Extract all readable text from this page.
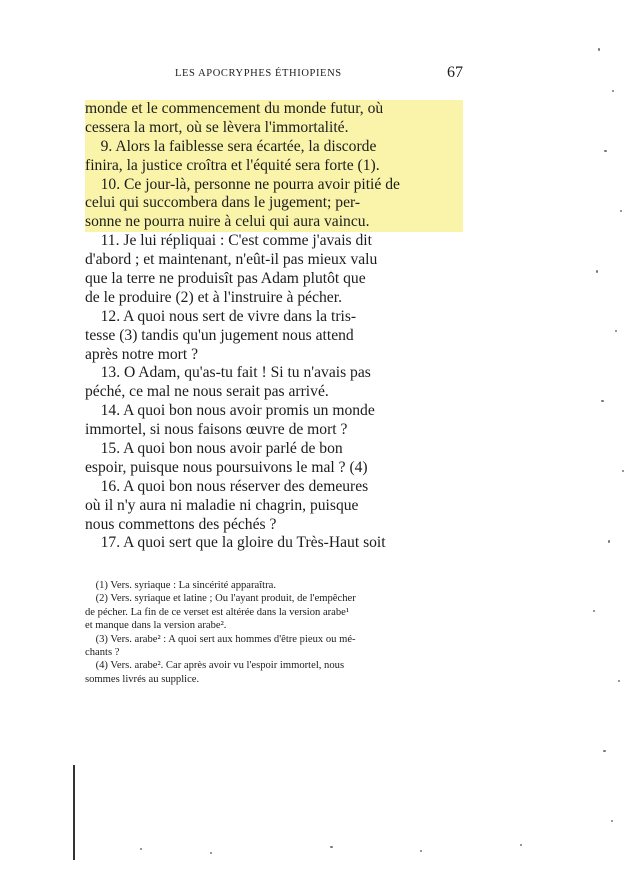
LES APOCRYPHES ÉTHIOPIENS	67
monde et le commencement du monde futur, où
cessera la mort, où se lèvera l'immortalité.
9. Alors la faiblesse sera écartée, la discorde
finira, la justice croîtra et l'équité sera forte (1).
10. Ce jour-là, personne ne pourra avoir pitié de
celui qui succombera dans le jugement; per-
sonne ne pourra nuire à celui qui aura vaincu.
11. Je lui répliquai : C'est comme j'avais dit
d'abord ; et maintenant, n'eût-il pas mieux valu
que la terre ne produisît pas Adam plutôt que
de le produire (2) et à l'instruire à pécher.
12. A quoi nous sert de vivre dans la tris-
tesse (3) tandis qu'un jugement nous attend
après notre mort ?
13. O Adam, qu'as-tu fait ! Si tu n'avais pas
péché, ce mal ne nous serait pas arrivé.
14. A quoi bon nous avoir promis un monde
immortel, si nous faisons œuvre de mort ?
15. A quoi bon nous avoir parlé de bon
espoir, puisque nous poursuivons le mal ? (4)
16. A quoi bon nous réserver des demeures
où il n'y aura ni maladie ni chagrin, puisque
nous commettons des péchés ?
17. A quoi sert que la gloire du Très-Haut soit
(1) Vers. syriaque : La sincérité apparaîtra.
(2) Vers. syriaque et latine ; Ou l'ayant produit, de l'empêcher
de pécher. La fin de ce verset est altérée dans la version arabe¹
et manque dans la version arabe².
(3) Vers. arabe² : A quoi sert aux hommes d'être pieux ou mé-
chants ?
(4) Vers. arabe². Car après avoir vu l'espoir immortel, nous
sommes livrés au supplice.
